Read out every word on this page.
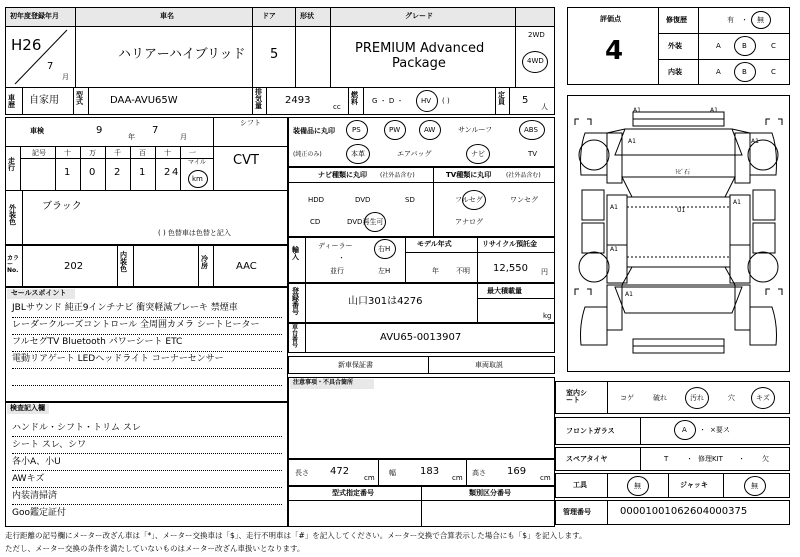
初年度登録年月	車名	ドア	形状	グレード
H26
7
月
ハリアーハイブリッド 5	PREMIUM Advanced
Package
2WD
4WD
車歴	自家用 型式	DAA-AVU65W
排気量	2493
cc
燃料	G ・ D ・	HV ( )
定員	5
人
車検	9
年
7
月
シフト
CVT
走行
記号	十	万	千	百	十	一
1 0 2 1 2 4
マイル
km
外装色
ブラック
( ) 色替車は色替と記入
カラーNo.	202
内装色
冷房	AAC
セールスポイント
JBLサウンド 純正9インチナビ 衝突軽減ブレーキ 禁煙車
レーダークルーズコントロール 全周囲カメラ シートヒーター
フルセグTV Bluetooth パワーシート ETC
電動リアゲート LEDヘッドライト コーナーセンサー
検査記入欄
ハンドル・シフト・トリム スレ
シート スレ、シワ
各小A、小U
AWキズ
内装清掃済
Goo鑑定証付
装備品に丸印
(純正のみ)
PS	PW	AW	サンルーフ	ABS
本革	エアバッグ	ナビ	TV
ナビ種類に丸印 (社外品含む)
HDD	DVD	SD
CD	DVD再生可
TV種類に丸印 (社外品含む)
フルセグ	ワンセグ
アナログ
輸入
ディーラー
・
並行
右H
左H
モデル年式
年 不明
リサイクル預託金
12,550 円
登録番号
山口301は4276
最大積載量
kg
車台番号
AVU65-0013907
新車保証書	車両取説
注意事項・不具合箇所
長さ 472
cm
幅 183
cm
高さ 169
cm
型式指定番号	類別区分番号
評価点
4
修復歴	有 ・ 無
外装	A	B	C
内装	A	B	C
A1	A1
A1
ﾄﾋﾞ石
A1
A1	U1
A1
A1
A1
室内シート	コゲ	破れ	汚れ	穴	キズ
フロントガラス	A ・ ×要ス
スペアタイヤ	T	・ 修理KIT ・ 欠
工具	無	ジャッキ	無
管理番号	00001001062604000375
走行距離の記号欄にメーター改ざん車は「*」、メーター交換車は「$」、走行不明車は「#」を記入してください。メーター交換で合算表示した場合にも「$」を記入します。
ただし、メーター交換の条件を満たしていないものはメーター改ざん車扱いとなります。
